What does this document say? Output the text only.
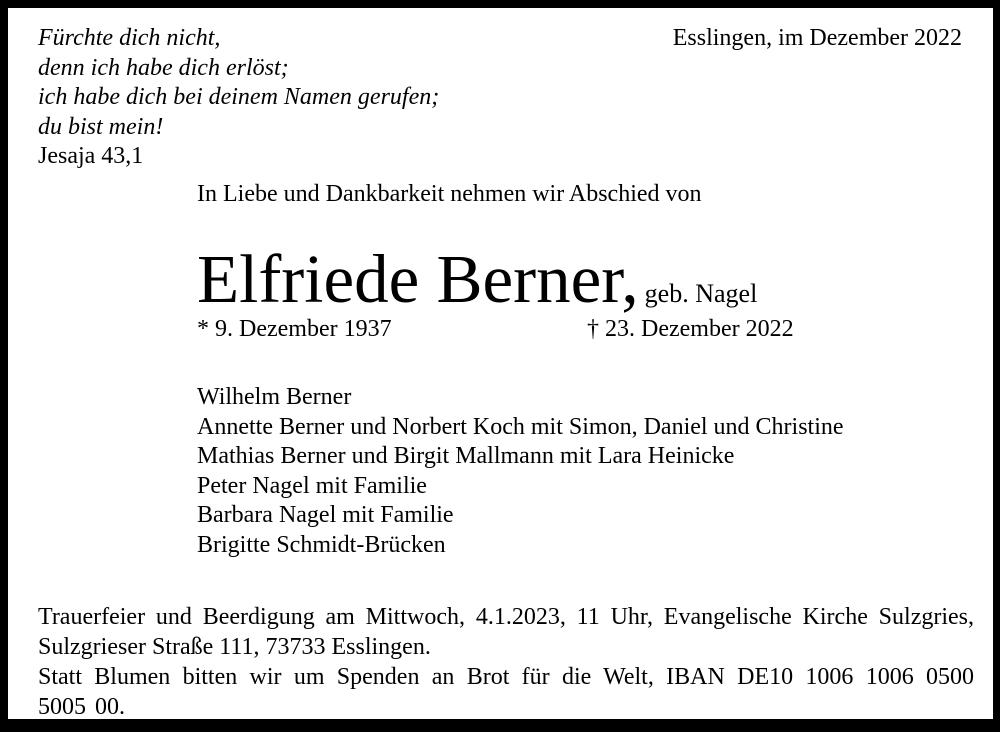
Fürchte dich nicht,
denn ich habe dich erlöst;
ich habe dich bei deinem Namen gerufen;
du bist mein!
Jesaja 43,1
Esslingen, im Dezember 2022
In Liebe und Dankbarkeit nehmen wir Abschied von
Elfriede Berner, geb. Nagel
* 9. Dezember 1937	† 23. Dezember 2022
Wilhelm Berner
Annette Berner und Norbert Koch mit Simon, Daniel und Christine
Mathias Berner und Birgit Mallmann mit Lara Heinicke
Peter Nagel mit Familie
Barbara Nagel mit Familie
Brigitte Schmidt-Brücken

Trauerfeier und Beerdigung am Mittwoch, 4.1.2023, 11 Uhr, Evangelische Kirche Sulzgries, Sulzgrieser Straße 111, 73733 Esslingen.

Statt Blumen bitten wir um Spenden an Brot für die Welt, IBAN DE10 1006 1006 0500 5005 00.
